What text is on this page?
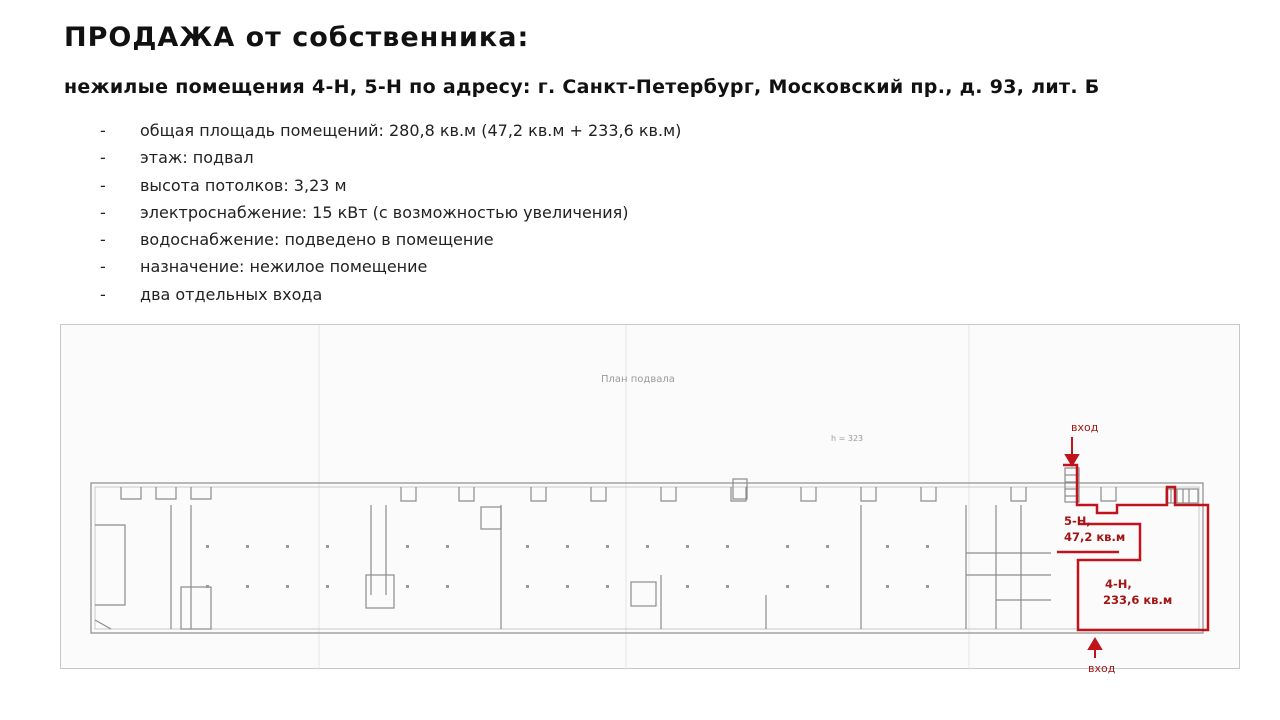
ПРОДАЖА от собственника:
нежилые помещения 4-Н, 5-Н по адресу: г. Санкт-Петербург, Московский пр., д. 93, лит. Б
- общая площадь помещений: 280,8 кв.м (47,2 кв.м + 233,6 кв.м)
- этаж: подвал
- высота потолков: 3,23 м
- электроснабжение: 15 кВт (с возможностью увеличения)
- водоснабжение: подведено в помещение
- назначение: нежилое помещение
- два отдельных входа
План подвала
h = 323
5-Н,
47,2 кв.м
4-Н,
233,6 кв.м
вход
вход
